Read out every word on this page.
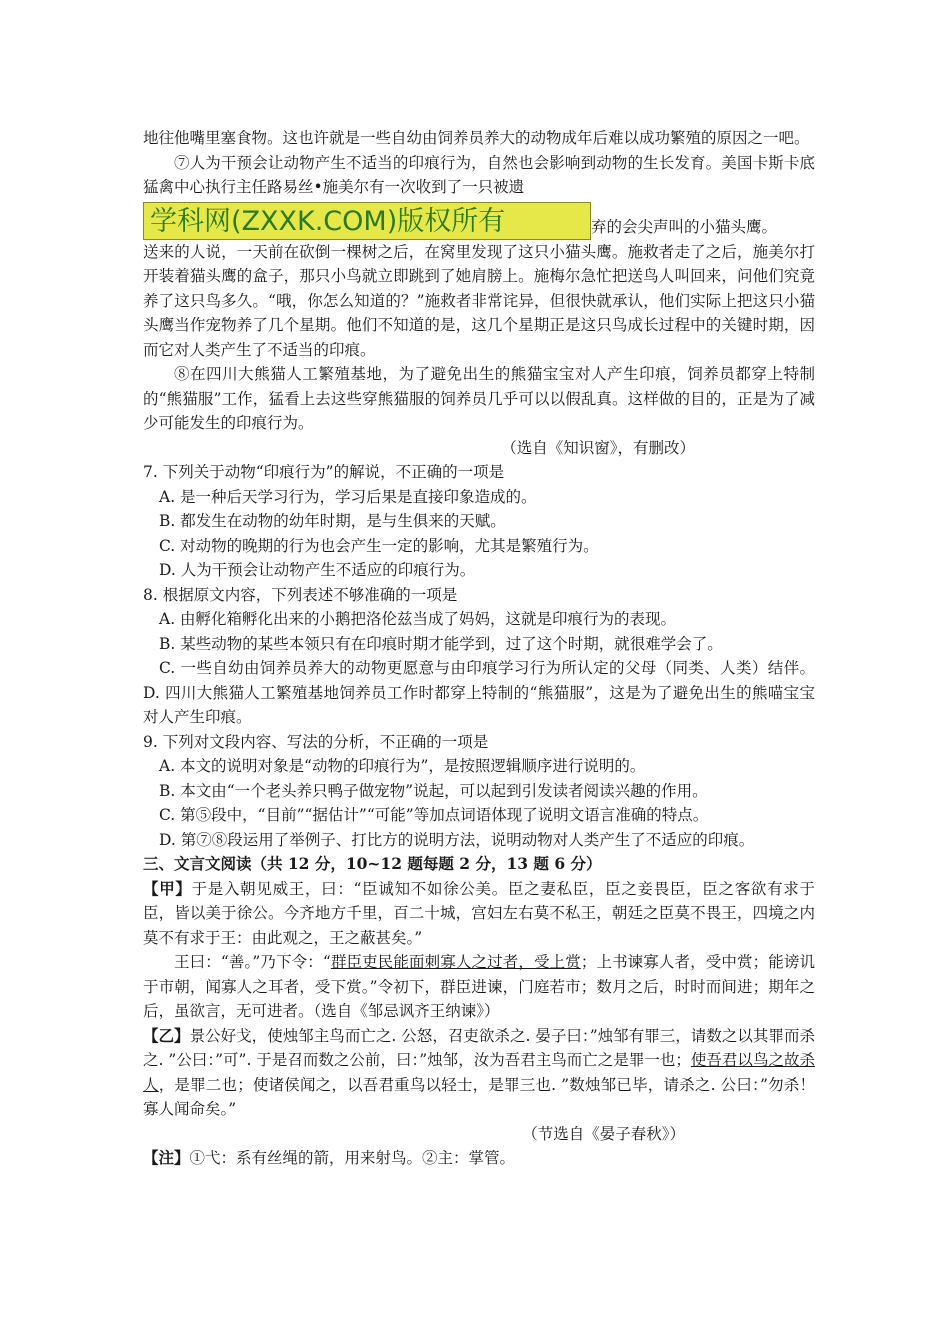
地往他嘴里塞食物。这也许就是一些自幼由饲养员养大的动物成年后难以成功繁殖的原因之一吧。

⑦人为干预会让动物产生不适当的印痕行为，自然也会影响到动物的生长发育。美国卡斯卡底猛禽中心执行主任路易丝•施美尔有一次收到了一只被遗

学科网(ZXXK.COM)版权所有	弃的会尖声叫的小猫头鹰。

送来的人说，一天前在砍倒一棵树之后，在窝里发现了这只小猫头鹰。施救者走了之后，施美尔打开装着猫头鹰的盒子，那只小鸟就立即跳到了她肩膀上。施梅尔急忙把送鸟人叫回来，问他们究竟养了这只鸟多久。“哦，你怎么知道的？”施救者非常诧异，但很快就承认，他们实际上把这只小猫头鹰当作宠物养了几个星期。他们不知道的是，这几个星期正是这只鸟成长过程中的关键时期，因而它对人类产生了不适当的印痕。

⑧在四川大熊猫人工繁殖基地，为了避免出生的熊猫宝宝对人产生印痕，饲养员都穿上特制的“熊猫服”工作，猛看上去这些穿熊猫服的饲养员几乎可以以假乱真。这样做的目的，正是为了减少可能发生的印痕行为。

（选自《知识窗》，有删改）

7. 下列关于动物“印痕行为”的解说，不正确的一项是

A. 是一种后天学习行为，学习后果是直接印象造成的。

B. 都发生在动物的幼年时期，是与生俱来的天赋。

C. 对动物的晚期的行为也会产生一定的影响，尤其是繁殖行为。

D. 人为干预会让动物产生不适应的印痕行为。

8. 根据原文内容，下列表述不够准确的一项是

A. 由孵化箱孵化出来的小鹅把洛伦兹当成了妈妈，这就是印痕行为的表现。

B. 某些动物的某些本领只有在印痕时期才能学到，过了这个时期，就很难学会了。

C. 一些自幼由饲养员养大的动物更愿意与由印痕学习行为所认定的父母（同类、人类）结伴。D. 四川大熊猫人工繁殖基地饲养员工作时都穿上特制的“熊猫服”，这是为了避免出生的熊喵宝宝对人产生印痕。

9. 下列对文段内容、写法的分析，不正确的一项是

A. 本文的说明对象是“动物的印痕行为”，是按照逻辑顺序进行说明的。

B. 本文由“一个老头养只鸭子做宠物”说起，可以起到引发读者阅读兴趣的作用。

C. 第⑤段中，“目前”“据估计”“可能”等加点词语体现了说明文语言准确的特点。

D. 第⑦⑧段运用了举例子、打比方的说明方法，说明动物对人类产生了不适应的印痕。

三、文言文阅读（共 12 分，10~12 题每题 2 分，13 题 6 分）

【甲】于是入朝见威王，曰：“臣诚知不如徐公美。臣之妻私臣，臣之妾畏臣，臣之客欲有求于臣，皆以美于徐公。今齐地方千里，百二十城，宫妇左右莫不私王，朝廷之臣莫不畏王，四境之内莫不有求于王：由此观之，王之蔽甚矣。”

王曰：“善。”乃下令：“群臣吏民能面刺寡人之过者，受上赏；上书谏寡人者，受中赏；能谤讥于市朝，闻寡人之耳者，受下赏。”令初下，群臣进谏，门庭若市；数月之后，时时而间进；期年之后，虽欲言，无可进者。（选自《邹忌讽齐王纳谏》）

【乙】景公好戈，使烛邹主鸟而亡之. 公怒，召吏欲杀之. 晏子曰：”烛邹有罪三，请数之以其罪而杀之. ”公曰：”可”. 于是召而数之公前，曰：”烛邹，汝为吾君主鸟而亡之是罪一也；使吾君以鸟之故杀人，是罪二也；使诸侯闻之，以吾君重鸟以轻士，是罪三也. ”数烛邹已毕，请杀之. 公曰：”勿杀！寡人闻命矣。”

（节选自《晏子春秋》）

【注】①弋：系有丝绳的箭，用来射鸟。②主：掌管。
